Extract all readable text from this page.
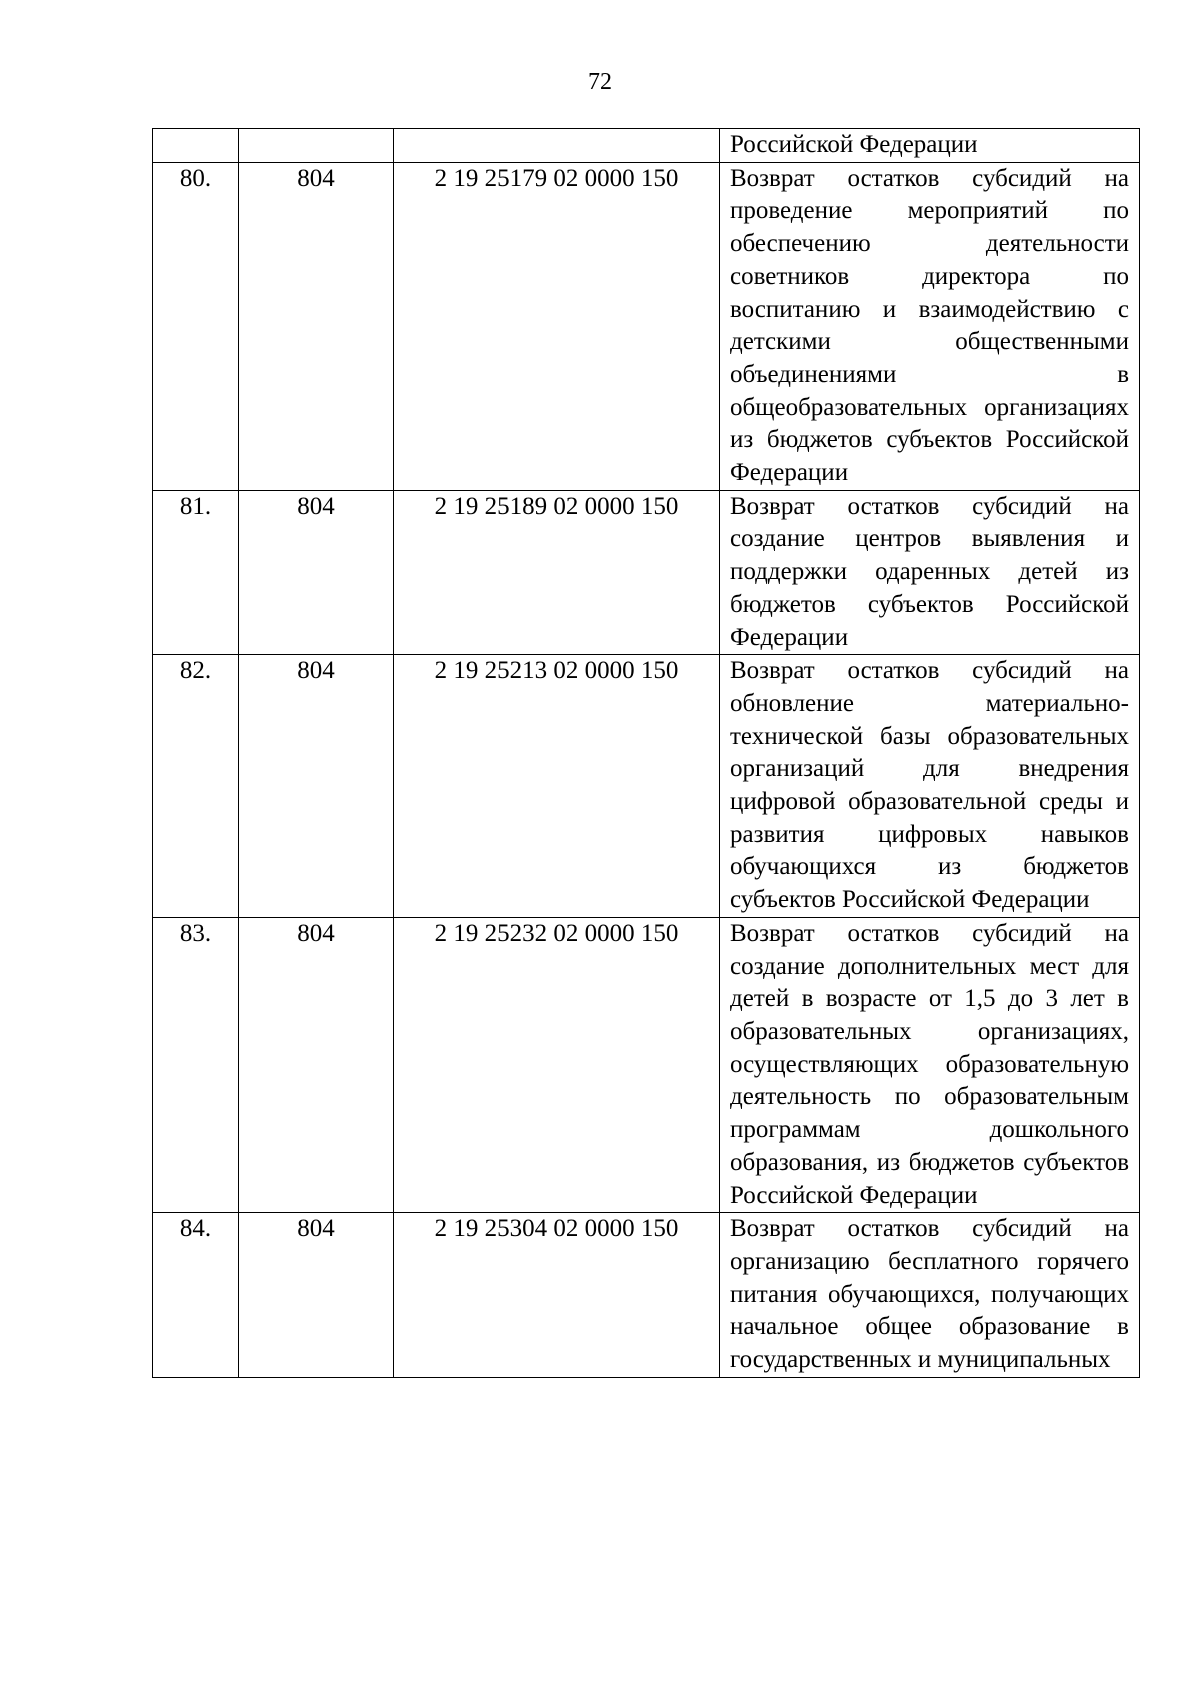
72
			Российской Федерации
80.	804	2 19 25179 02 0000 150	Возврат остатков субсидий на проведение мероприятий по обеспечению деятельности советников директора по воспитанию и взаимодействию с детскими общественными объединениями в общеобразовательных организациях из бюджетов субъектов Российской Федерации
81.	804	2 19 25189 02 0000 150	Возврат остатков субсидий на создание центров выявления и поддержки одаренных детей из бюджетов субъектов Российской Федерации
82.	804	2 19 25213 02 0000 150	Возврат остатков субсидий на обновление материально-технической базы образовательных организаций для внедрения цифровой образовательной среды и развития цифровых навыков обучающихся из бюджетов субъектов Российской Федерации
83.	804	2 19 25232 02 0000 150	Возврат остатков субсидий на создание дополнительных мест для детей в возрасте от 1,5 до 3 лет в образовательных организациях, осуществляющих образовательную деятельность по образовательным программам дошкольного образования, из бюджетов субъектов Российской Федерации
84.	804	2 19 25304 02 0000 150	Возврат остатков субсидий на организацию бесплатного горячего питания обучающихся, получающих начальное общее образование в государственных и муниципальных
